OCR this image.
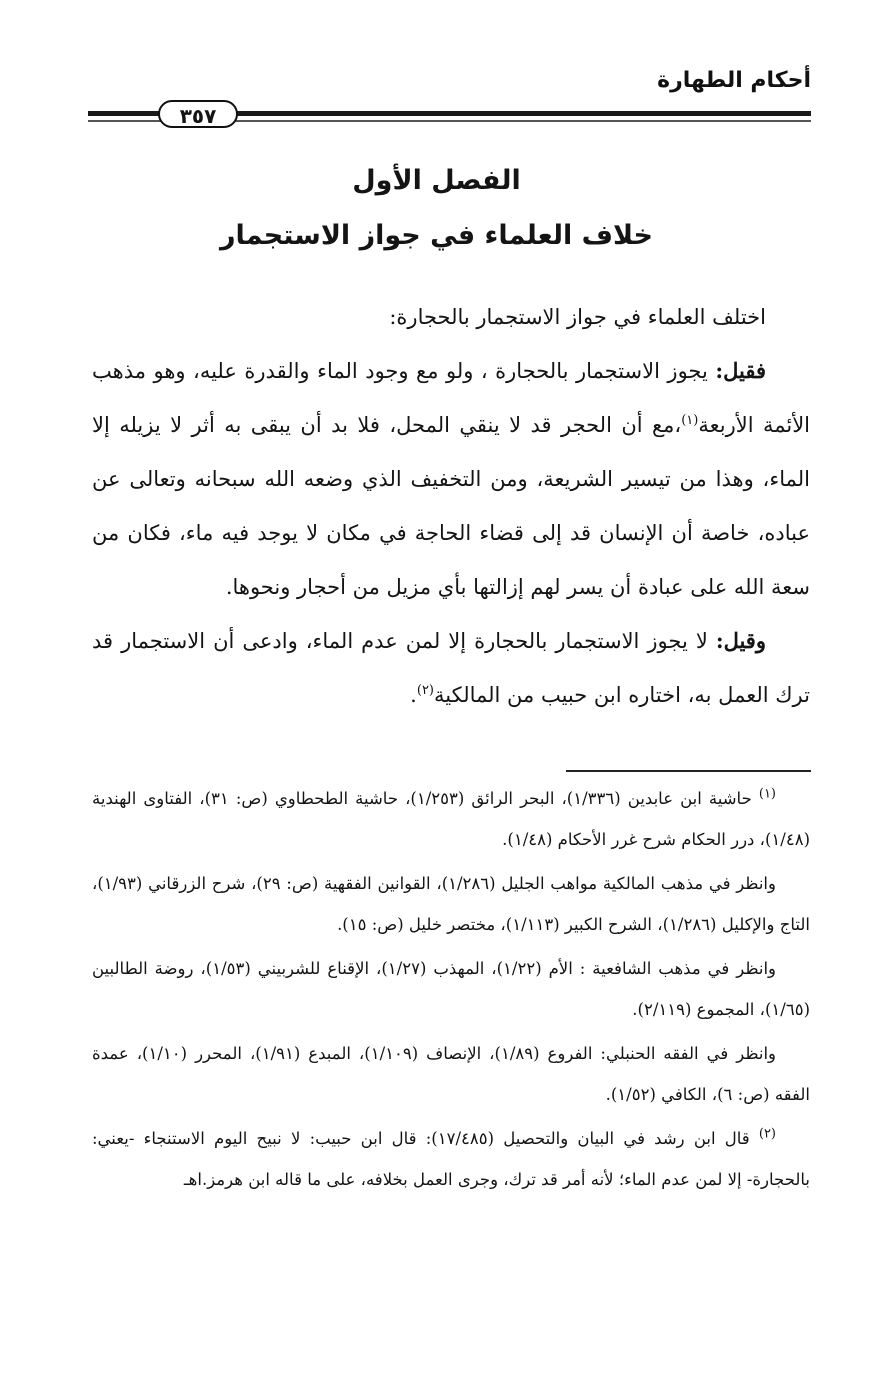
أحكام الطهارة
٣٥٧
الفصل الأول
خلاف العلماء في جواز الاستجمار

اختلف العلماء في جواز الاستجمار بالحجارة:

فقيل: يجوز الاستجمار بالحجارة ، ولو مع وجود الماء والقدرة عليه، وهو مذهب الأئمة الأربعة$^{(١)}$،مع أن الحجر قد لا ينقي المحل، فلا بد أن يبقى به أثر لا يزيله إلا الماء، وهذا من تيسير الشريعة، ومن التخفيف الذي وضعه الله سبحانه وتعالى عن عباده، خاصة أن الإنسان قد إلى قضاء الحاجة في مكان لا يوجد فيه ماء، فكان من سعة الله على عبادة أن يسر لهم إزالتها بأي مزيل من أحجار ونحوها.

وقيل: لا يجوز الاستجمار بالحجارة إلا لمن عدم الماء، وادعى أن الاستجمار قد ترك العمل به، اختاره ابن حبيب من المالكية$^{(٢)}$.

$^{(١)}$ حاشية ابن عابدين (١/٣٣٦)، البحر الرائق (١/٢٥٣)، حاشية الطحطاوي (ص: ٣١)، الفتاوى الهندية (١/٤٨)، درر الحكام شرح غرر الأحكام (١/٤٨).

وانظر في مذهب المالكية مواهب الجليل (١/٢٨٦)، القوانين الفقهية (ص: ٢٩)، شرح الزرقاني (١/٩٣)، التاج والإكليل (١/٢٨٦)، الشرح الكبير (١/١١٣)، مختصر خليل (ص: ١٥).

وانظر في مذهب الشافعية : الأم (١/٢٢)، المهذب (١/٢٧)، الإقناع للشربيني (١/٥٣)، روضة الطالبين (١/٦٥)، المجموع (٢/١١٩).

وانظر في الفقه الحنبلي: الفروع (١/٨٩)، الإنصاف (١/١٠٩)، المبدع (١/٩١)، المحرر (١/١٠)، عمدة الفقه (ص: ٦)، الكافي (١/٥٢).

$^{(٢)}$ قال ابن رشد في البيان والتحصيل (١٧/٤٨٥): قال ابن حبيب: لا نبيح اليوم الاستنجاء -يعني: بالحجارة- إلا لمن عدم الماء؛ لأنه أمر قد ترك، وجرى العمل بخلافه، على ما قاله ابن هرمز.اهـ
